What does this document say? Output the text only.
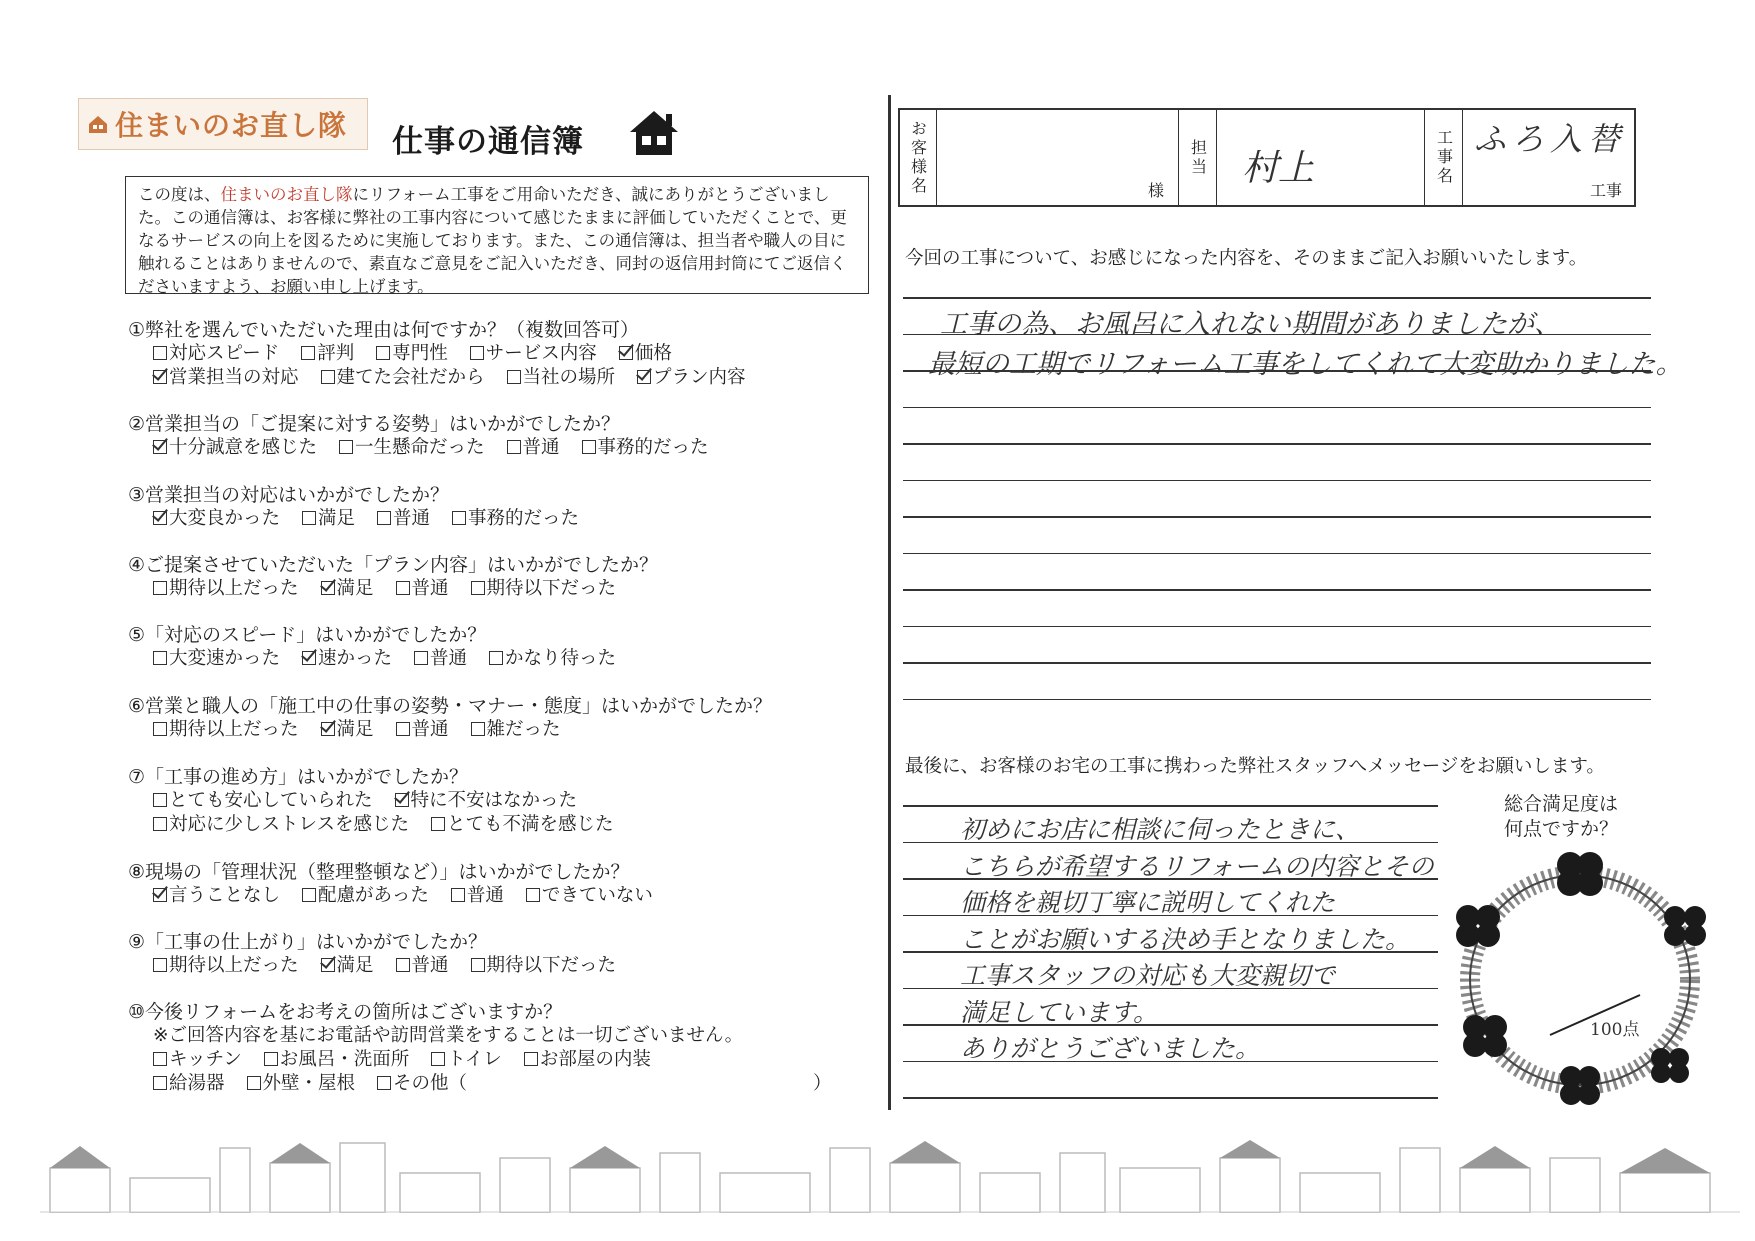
住まいのお直し隊 仕事の通信簿
この度は、住まいのお直し隊にリフォーム工事をご用命いただき、誠にありがとうございました。この通信簿は、お客様に弊社の工事内容について感じたままに評価していただくことで、更なるサービスの向上を図るために実施しております。また、この通信簿は、担当者や職人の目に触れることはありませんので、素直なご意見をご記入いただき、同封の返信用封筒にてご返信くださいますよう、お願い申し上げます。
①弊社を選んでいただいた理由は何ですか？（複数回答可）
対応スピード 評判 専門性 サービス内容 価格
営業担当の対応 建てた会社だから 当社の場所 プラン内容
②営業担当の「ご提案に対する姿勢」はいかがでしたか？
十分誠意を感じた 一生懸命だった 普通 事務的だった
③営業担当の対応はいかがでしたか？
大変良かった 満足 普通 事務的だった
④ご提案させていただいた「プラン内容」はいかがでしたか？
期待以上だった 満足 普通 期待以下だった
⑤「対応のスピード」はいかがでしたか？
大変速かった 速かった 普通 かなり待った
⑥営業と職人の「施工中の仕事の姿勢・マナー・態度」はいかがでしたか？
期待以上だった 満足 普通 雑だった
⑦「工事の進め方」はいかがでしたか？
とても安心していられた 特に不安はなかった
対応に少しストレスを感じた とても不満を感じた
⑧現場の「管理状況（整理整頓など）」はいかがでしたか？
言うことなし 配慮があった 普通 できていない
⑨「工事の仕上がり」はいかがでしたか？
期待以上だった 満足 普通 期待以下だった
⑩今後リフォームをお考えの箇所はございますか？
※ご回答内容を基にお電話や訪問営業をすることは一切ございません。
キッチン お風呂・洗面所 トイレ お部屋の内装
給湯器 外壁・屋根 その他（	）
お客様名	様
担当 村上	工事名 ふろ入替
工事
今回の工事について、お感じになった内容を、そのままご記入お願いいたします。
工事の為、お風呂に入れない期間がありましたが、
最短の工期でリフォーム工事をしてくれて大変助かりました。
最後に、お客様のお宅の工事に携わった弊社スタッフへメッセージをお願いします。
初めにお店に相談に伺ったときに、
こちらが希望するリフォームの内容とその
価格を親切丁寧に説明してくれた
ことがお願いする決め手となりました。
工事スタッフの対応も大変親切で
満足しています。
ありがとうございました。
総合満足度は
何点ですか？
100点
